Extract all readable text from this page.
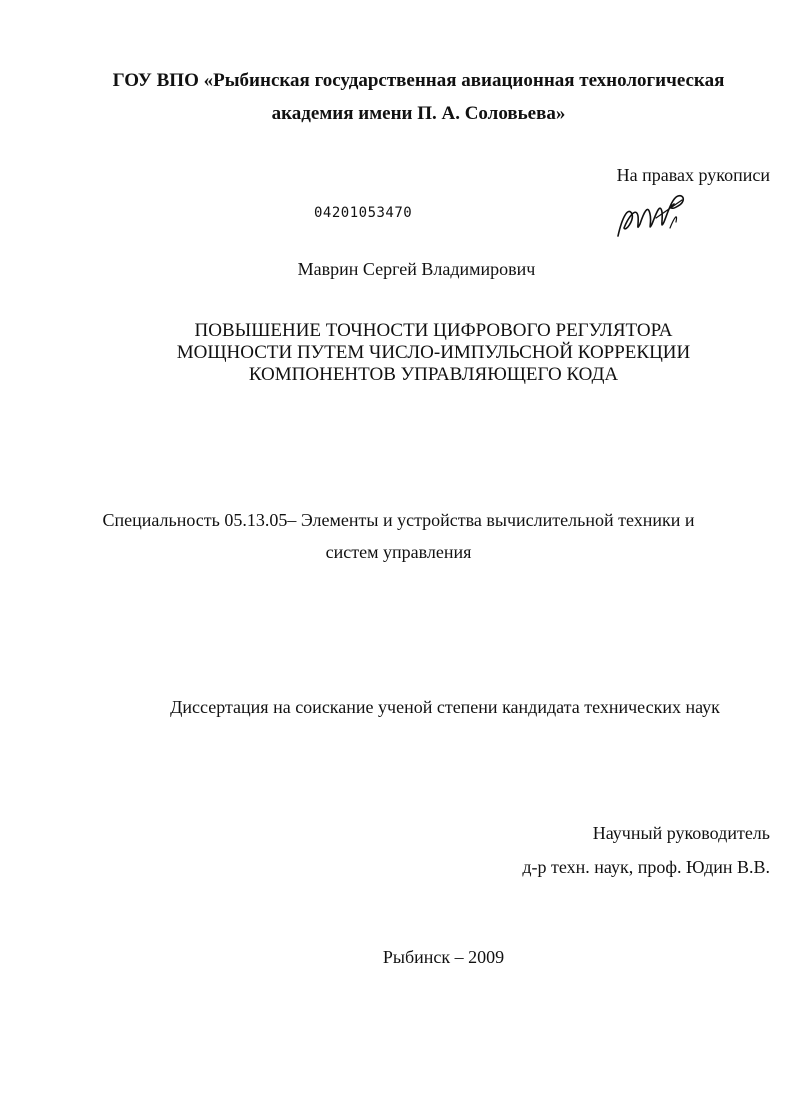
ГОУ ВПО «Рыбинская государственная авиационная технологическая
академия имени П. А. Соловьева»
На правах рукописи
04201053470
Маврин Сергей Владимирович
ПОВЫШЕНИЕ ТОЧНОСТИ ЦИФРОВОГО РЕГУЛЯТОРА
МОЩНОСТИ ПУТЕМ ЧИСЛО-ИМПУЛЬСНОЙ КОРРЕКЦИИ
КОМПОНЕНТОВ УПРАВЛЯЮЩЕГО КОДА
Специальность 05.13.05– Элементы и устройства вычислительной техники и
систем управления
Диссертация на соискание ученой степени кандидата технических наук
Научный руководитель
д-р техн. наук, проф. Юдин В.В.
Рыбинск – 2009
